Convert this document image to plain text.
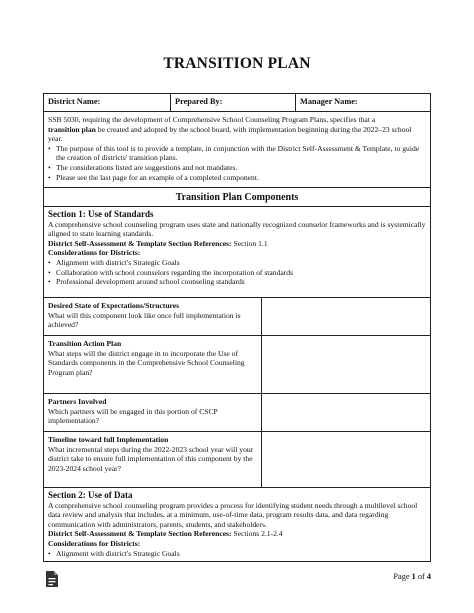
TRANSITION PLAN
District Name:	Prepared By:	Manager Name:

SSB 5030, requiring the development of Comprehensive School Counseling Program Plans, specifies that a
transition plan be created and adopted by the school board, with implementation beginning during the 2022–23 school year.

• The purpose of this tool is to provide a template, in conjunction with the District Self-Assessment & Template, to guide the creation of districts' transition plans.
• The considerations listed are suggestions and not mandates.
• Please see the last page for an example of a completed component.
Transition Plan Components

Section 1: Use of Standards

A comprehensive school counseling program uses state and nationally recognized counselor frameworks and is systemically aligned to state learning standards.

District Self-Assessment & Template Section References: Section 1.1

Considerations for Districts:

• Alignment with district's Strategic Goals
• Collaboration with school counselors regarding the incorporation of standards
• Professional development around school counseling standards
Desired State of Expectations/Structures
What will this component look like once full implementation is achieved?
Transition Action Plan
What steps will the district engage in to incorporate the Use of Standards components in the Comprehensive School Counseling Program plan?
Partners Involved
Which partners will be engaged in this portion of CSCP implementation?
Timeline toward full Implementation
What incremental steps during the 2022-2023 school year will your district take to ensure full implementation of this component by the 2023-2024 school year?

Section 2: Use of Data

A comprehensive school counseling program provides a process for identifying student needs through a multilevel school data review and analysis that includes, at a minimum, use-of-time data, program results data, and data regarding communication with administrators, parents, students, and stakeholders.

District Self-Assessment & Template Section References: Sections 2.1-2.4

Considerations for Districts:

• Alignment with district's Strategic Goals
Page 1 of 4
